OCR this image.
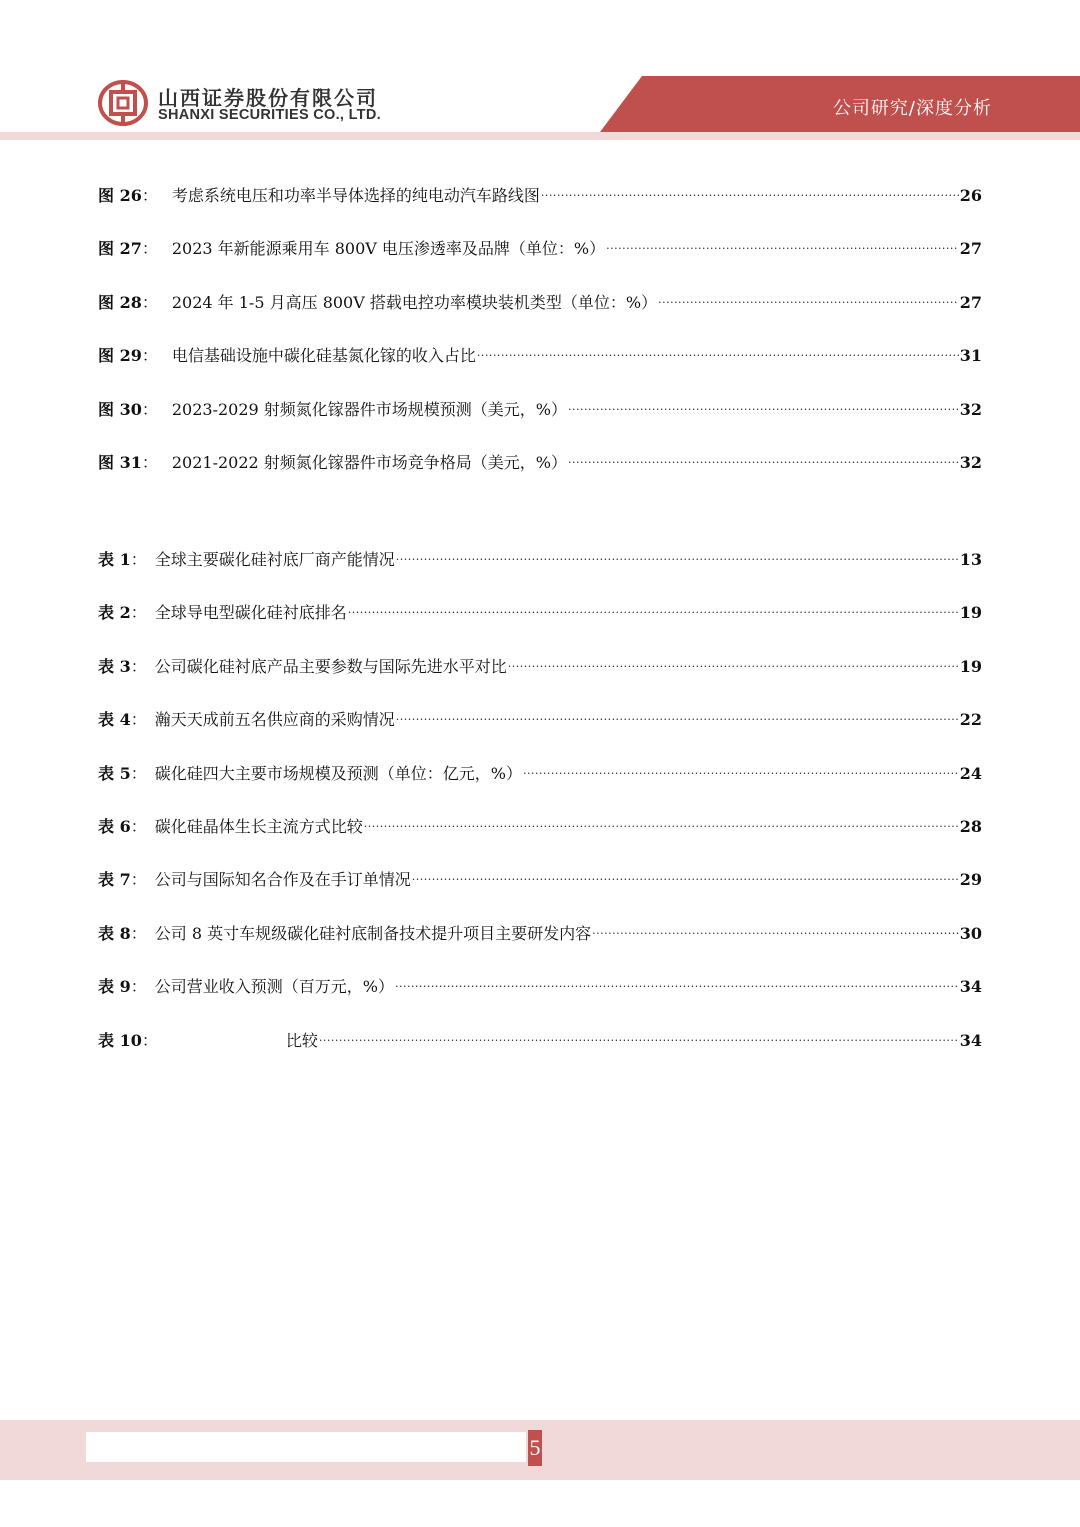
山西证券股份有限公司
SHANXI SECURITIES CO., LTD.	公司研究/深度分析
图 26 ： 考虑系统电压和功率半导体选择的纯电动汽车路线图 .....	26
图 27 ： 2023 年新能源乘用车 800V 电压渗透率及品牌（单位：%） .....	27
图 28 ： 2024 年 1-5 月高压 800V 搭载电控功率模块装机类型（单位：%） .....	27
图 29 ： 电信基础设施中碳化硅基氮化镓的收入占比 .....	31
图 30 ： 2023-2029 射频氮化镓器件市场规模预测（美元，%） .....	32
图 31 ： 2021-2022 射频氮化镓器件市场竞争格局（美元，%） .....	32
表 1 ： 全球主要碳化硅衬底厂商产能情况 .....	13
表 2 ： 全球导电型碳化硅衬底排名 .....	19
表 3 ： 公司碳化硅衬底产品主要参数与国际先进水平对比 .....	19
表 4 ： 瀚天天成前五名供应商的采购情况 .....	22
表 5 ： 碳化硅四大主要市场规模及预测（单位：亿元，%） .....	24
表 6 ： 碳化硅晶体生长主流方式比较 .....	28
表 7 ： 公司与国际知名合作及在手订单情况 .....	29
表 8 ： 公司 8 英寸车规级碳化硅衬底制备技术提升项目主要研发内容 .....	30
表 9 ： 公司营业收入预测（百万元，%） .....	34
表 10 ：	比较 .....	34
5
